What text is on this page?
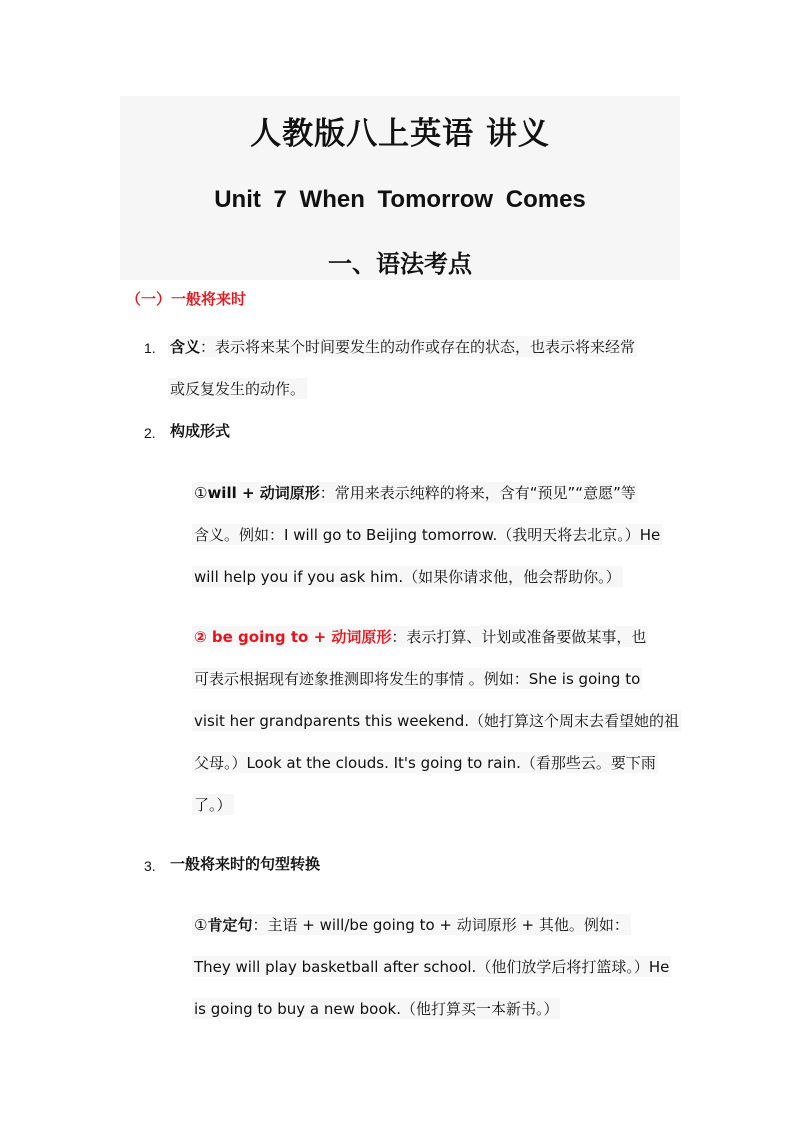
人教版八上英语 讲义
Unit 7 When Tomorrow Comes
一、语法考点
（一）一般将来时
1. 含义：表示将来某个时间要发生的动作或存在的状态，也表示将来经常
或反复发生的动作。
2. 构成形式
①will + 动词原形：常用来表示纯粹的将来，含有“预见”“意愿”等
含义。例如：I will go to Beijing tomorrow.（我明天将去北京。）He
will help you if you ask him.（如果你请求他，他会帮助你。）
② be going to + 动词原形：表示打算、计划或准备要做某事，也
可表示根据现有迹象推测即将发生的事情 。例如：She is going to
visit her grandparents this weekend.（她打算这个周末去看望她的祖
父母。）Look at the clouds. It's going to rain.（看那些云。要下雨
了。）
3. 一般将来时的句型转换
①肯定句：主语 + will/be going to + 动词原形 + 其他。例如：
They will play basketball after school.（他们放学后将打篮球。）He
is going to buy a new book.（他打算买一本新书。）
